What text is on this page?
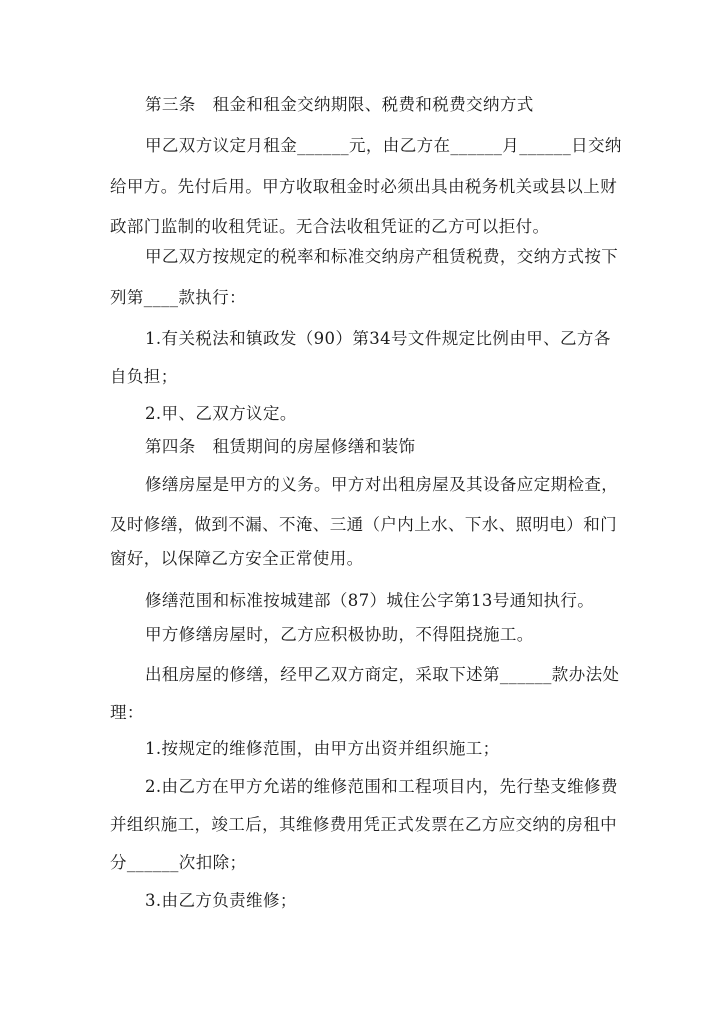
第三条　租金和租金交纳期限、税费和税费交纳方式
甲乙双方议定月租金______元，由乙方在______月______日交纳
给甲方。先付后用。甲方收取租金时必须出具由税务机关或县以上财
政部门监制的收租凭证。无合法收租凭证的乙方可以拒付。
甲乙双方按规定的税率和标准交纳房产租赁税费，交纳方式按下
列第____款执行：
1.有关税法和镇政发（90）第34号文件规定比例由甲、乙方各
自负担；
2.甲、乙双方议定。
第四条　租赁期间的房屋修缮和装饰
修缮房屋是甲方的义务。甲方对出租房屋及其设备应定期检查，
及时修缮，做到不漏、不淹、三通（户内上水、下水、照明电）和门
窗好，以保障乙方安全正常使用。
修缮范围和标准按城建部（87）城住公字第13号通知执行。
甲方修缮房屋时，乙方应积极协助，不得阻挠施工。
出租房屋的修缮，经甲乙双方商定，采取下述第______款办法处
理：
1.按规定的维修范围，由甲方出资并组织施工；
2.由乙方在甲方允诺的维修范围和工程项目内，先行垫支维修费
并组织施工，竣工后，其维修费用凭正式发票在乙方应交纳的房租中
分______次扣除；
3.由乙方负责维修；
